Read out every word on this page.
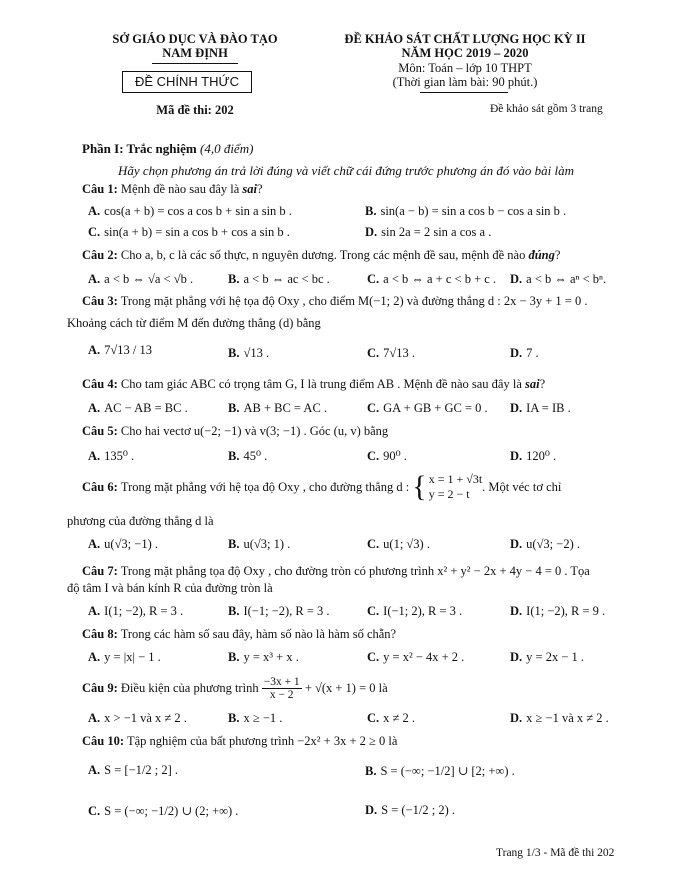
SỞ GIÁO DỤC VÀ ĐÀO TẠO
NAM ĐỊNH
ĐỀ CHÍNH THỨC
Mã đề thi: 202
ĐỀ KHẢO SÁT CHẤT LƯỢNG HỌC KỲ II
NĂM HỌC 2019 – 2020
Môn: Toán – lớp 10 THPT
(Thời gian làm bài: 90 phút.)
Đề khảo sát gồm 3 trang
Phần I: Trắc nghiệm (4,0 điểm)
Hãy chọn phương án trả lời đúng và viết chữ cái đứng trước phương án đó vào bài làm
Câu 1: Mệnh đề nào sau đây là sai?
A. cos(a + b) = cos a cos b + sin a sin b .	B. sin(a − b) = sin a cos b − cos a sin b .
C. sin(a + b) = sin a cos b + cos a sin b .	D. sin 2a = 2 sin a cos a .
Câu 2: Cho a, b, c là các số thực, n nguyên dương. Trong các mệnh đề sau, mệnh đề nào đúng?
A. a < b ⇔ √a < √b .	B. a < b ⇔ ac < bc .	C. a < b ⇔ a + c < b + c . D. a < b ⇔ aⁿ < bⁿ.
Câu 3: Trong mặt phẳng với hệ tọa độ Oxy , cho điểm M(−1; 2) và đường thẳng d : 2x − 3y + 1 = 0 .
Khoảng cách từ điểm M đến đường thẳng (d) bằng
A. 7√13 / 13	B. √13 .	C. 7√13 .	D. 7 .
Câu 4: Cho tam giác ABC có trọng tâm G, I là trung điểm AB . Mệnh đề nào sau đây là sai?
A. AC − AB = BC .	B. AB + BC = AC .	C. GA + GB + GC = 0 . D. IA = IB .
Câu 5: Cho hai vectơ u(−2; −1) và v(3; −1) . Góc (u, v) bằng
A. 135⁰ .	B. 45⁰ .	C. 90⁰ .	D. 120⁰ .
Câu 6:
Trong mặt phẳng với hệ tọa độ Oxy , cho đường thẳng d :
{ x = 1 + √3t
y = 2 − t
. Một véc tơ chỉ
phương của đường thẳng d là
A. u(√3; −1) .	B. u(√3; 1) .	C. u(1; √3) .	D. u(√3; −2) .
Câu 7: Trong mặt phẳng tọa độ Oxy , cho đường tròn có phương trình x² + y² − 2x + 4y − 4 = 0 . Tọa
độ tâm I và bán kính R của đường tròn là
A. I(1; −2), R = 3 .	B. I(−1; −2), R = 3 .	C. I(−1; 2), R = 3 .	D. I(1; −2), R = 9 .
Câu 8: Trong các hàm số sau đây, hàm số nào là hàm số chẵn?
A. y = |x| − 1 .	B. y = x³ + x .	C. y = x² − 4x + 2 .	D. y = 2x − 1 .
Câu 9:
Điều kiện của phương trình
$\frac{-3x + 1}{x - 2}$
+ √(x + 1) = 0 là
A. x > −1 và x ≠ 2 .	B. x ≥ −1 .	C. x ≠ 2 .	D. x ≥ −1 và x ≠ 2 .
Câu 10: Tập nghiệm của bất phương trình −2x² + 3x + 2 ≥ 0 là
A. S = [−1/2 ; 2] .	B. S = (−∞; −1/2] ∪ [2; +∞) .
C. S = (−∞; −1/2) ∪ (2; +∞) .	D. S = (−1/2 ; 2) .
Trang 1/3 - Mã đề thi 202
